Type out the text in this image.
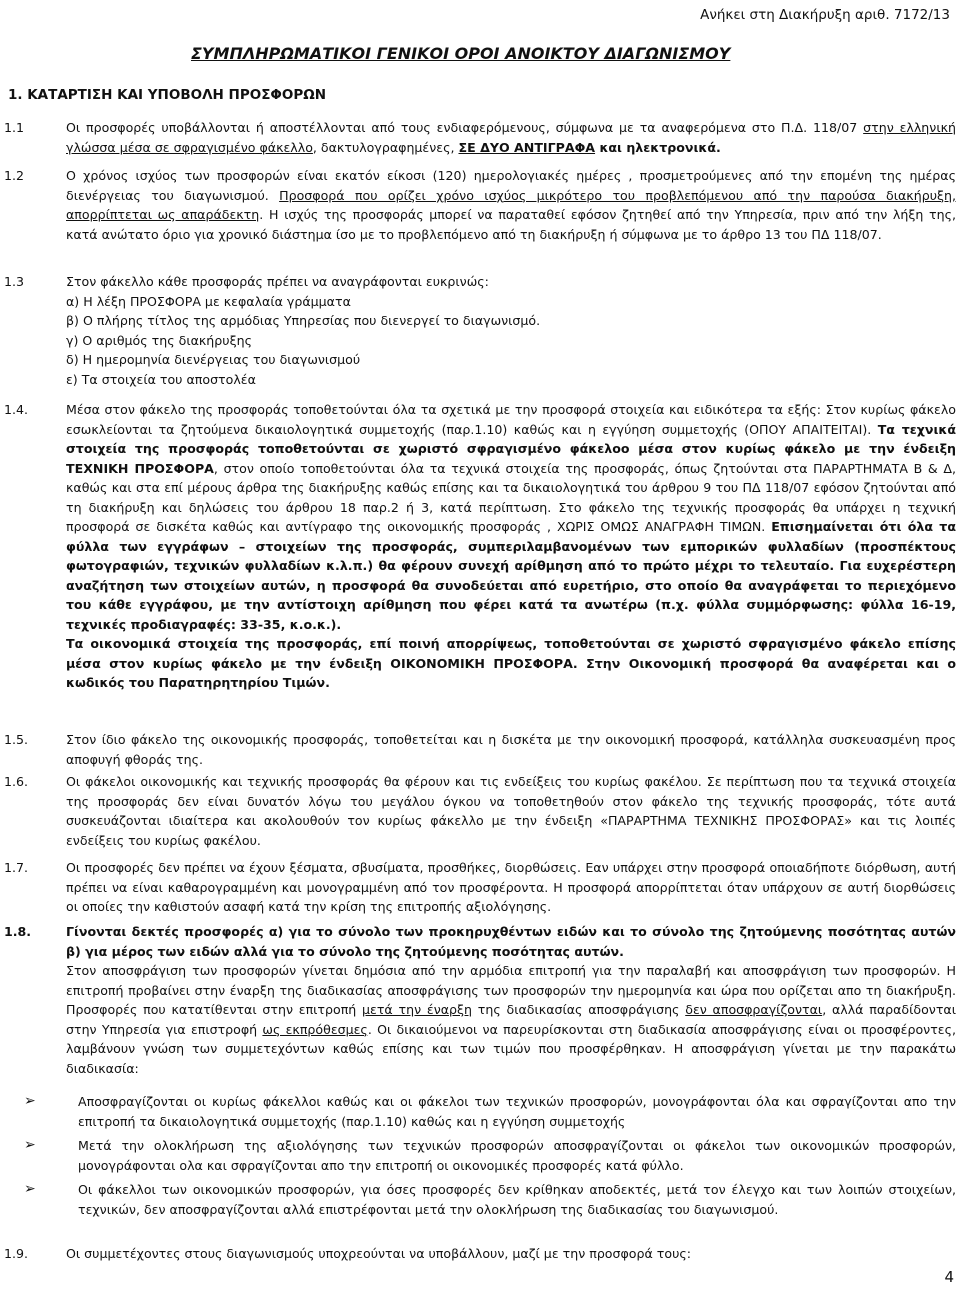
Ανήκει στη Διακήρυξη αριθ. 7172/13
ΣΥΜΠΛΗΡΩΜΑΤΙΚΟΙ ΓΕΝΙΚΟΙ ΟΡΟΙ ΑΝΟΙΚΤΟΥ ΔΙΑΓΩΝΙΣΜΟΥ
1. ΚΑΤΑΡΤΙΣΗ ΚΑΙ ΥΠΟΒΟΛΗ ΠΡΟΣΦΟΡΩΝ
1.1	Οι προσφορές υποβάλλονται ή αποστέλλονται από τους ενδιαφερόμενους, σύμφωνα με τα αναφερόμενα στο Π.Δ. 118/07 στην ελληνική γλώσσα μέσα σε σφραγισμένο φάκελλο, δακτυλογραφημένες, ΣΕ ΔΥΟ ΑΝΤΙΓΡΑΦΑ και ηλεκτρονικά.
1.2	Ο χρόνος ισχύος των προσφορών είναι εκατόν είκοσι (120) ημερολογιακές ημέρες , προσμετρούμενες από την επομένη της ημέρας διενέργειας του διαγωνισμού. Προσφορά που ορίζει χρόνο ισχύος μικρότερο του προβλεπόμενου από την παρούσα διακήρυξη, απορρίπτεται ως απαράδεκτη. Η ισχύς της προσφοράς μπορεί να παραταθεί εφόσον ζητηθεί από την Υπηρεσία, πριν από την λήξη της, κατά ανώτατο όριο για χρονικό διάστημα ίσο με το προβλεπόμενο από τη διακήρυξη ή σύμφωνα με το άρθρο 13 του ΠΔ 118/07.
1.3	Στον φάκελλο κάθε προσφοράς πρέπει να αναγράφονται ευκρινώς:
α) Η λέξη ΠΡΟΣΦΟΡΑ με κεφαλαία γράμματα
β) Ο πλήρης τίτλος της αρμόδιας Υπηρεσίας που διενεργεί το διαγωνισμό.
γ) Ο αριθμός της διακήρυξης
δ) Η ημερομηνία διενέργειας του διαγωνισμού
ε) Τα στοιχεία του αποστολέα
1.4.	Μέσα στον φάκελο της προσφοράς τοποθετούνται όλα τα σχετικά με την προσφορά στοιχεία και ειδικότερα τα εξής: Στον κυρίως φάκελο εσωκλείονται τα ζητούμενα δικαιολογητικά συμμετοχής (παρ.1.10) καθώς και η εγγύηση συμμετοχής (ΟΠΟΥ ΑΠΑΙΤΕΙΤΑΙ). Τα τεχνικά στοιχεία της προσφοράς τοποθετούνται σε χωριστό σφραγισμένο φάκελοο μέσα στον κυρίως φάκελο με την ένδειξη ΤΕΧΝΙΚΗ ΠΡΟΣΦΟΡΑ, στον οποίο τοποθετούνται όλα τα τεχνικά στοιχεία της προσφοράς, όπως ζητούνται στα ΠΑΡΑΡΤΗΜΑΤΑ Β & Δ, καθώς και στα επί μέρους άρθρα της διακήρυξης καθώς επίσης και τα δικαιολογητικά του άρθρου 9 του ΠΔ 118/07 εφόσον ζητούνται από τη διακήρυξη και δηλώσεις του άρθρου 18 παρ.2 ή 3, κατά περίπτωση. Στο φάκελο της τεχνικής προσφοράς θα υπάρχει η τεχνική προσφορά σε δισκέτα καθώς και αντίγραφο της οικονομικής προσφοράς , ΧΩΡΙΣ ΟΜΩΣ ΑΝΑΓΡΑΦΗ ΤΙΜΩΝ. Επισημαίνεται ότι όλα τα φύλλα των εγγράφων – στοιχείων της προσφοράς, συμπεριλαμβανομένων των εμπορικών φυλλαδίων (προσπέκτους φωτογραφιών, τεχνικών φυλλαδίων κ.λ.π.) θα φέρουν συνεχή αρίθμηση από το πρώτο μέχρι το τελευταίο. Για ευχερέστερη αναζήτηση των στοιχείων αυτών, η προσφορά θα συνοδεύεται από ευρετήριο, στο οποίο θα αναγράφεται το περιεχόμενο του κάθε εγγράφου, με την αντίστοιχη αρίθμηση που φέρει κατά τα ανωτέρω (π.χ. φύλλα συμμόρφωσης: φύλλα 16-19, τεχνικές προδιαγραφές: 33-35, κ.ο.κ.).
Τα οικονομικά στοιχεία της προσφοράς, επί ποινή απορρίψεως, τοποθετούνται σε χωριστό σφραγισμένο φάκελο επίσης μέσα στον κυρίως φάκελο με την ένδειξη ΟΙΚΟΝΟΜΙΚΗ ΠΡΟΣΦΟΡΑ. Στην Οικονομική προσφορά θα αναφέρεται και ο κωδικός του Παρατηρητηρίου Τιμών.
1.5.	Στον ίδιο φάκελο της οικονομικής προσφοράς, τοποθετείται και η δισκέτα με την οικονομική προσφορά, κατάλληλα συσκευασμένη προς αποφυγή φθοράς της.
1.6.	Οι φάκελοι οικονομικής και τεχνικής προσφοράς θα φέρουν και τις ενδείξεις του κυρίως φακέλου. Σε περίπτωση που τα τεχνικά στοιχεία της προσφοράς δεν είναι δυνατόν λόγω του μεγάλου όγκου να τοποθετηθούν στον φάκελο της τεχνικής προσφοράς, τότε αυτά συσκευάζονται ιδιαίτερα και ακολουθούν τον κυρίως φάκελλο με την ένδειξη «ΠΑΡΑΡΤΗΜΑ ΤΕΧΝΙΚΗΣ ΠΡΟΣΦΟΡΑΣ» και τις λοιπές ενδείξεις του κυρίως φακέλου.
1.7.	Οι προσφορές δεν πρέπει να έχουν ξέσματα, σβυσίματα, προσθήκες, διορθώσεις. Εαν υπάρχει στην προσφορά οποιαδήποτε διόρθωση, αυτή πρέπει να είναι καθαρογραμμένη και μονογραμμένη από τον προσφέροντα. Η προσφορά απορρίπτεται όταν υπάρχουν σε αυτή διορθώσεις οι οποίες την καθιστούν ασαφή κατά την κρίση της επιτροπής αξιολόγησης.
1.8.	Γίνονται δεκτές προσφορές α) για το σύνολο των προκηρυχθέντων ειδών και το σύνολο της ζητούμενης ποσότητας αυτών β) για μέρος των ειδών αλλά για το σύνολο της ζητούμενης ποσότητας αυτών.
Στον αποσφράγιση των προσφορών γίνεται δημόσια από την αρμόδια επιτροπή για την παραλαβή και αποσφράγιση των προσφορών. Η επιτροπή προβαίνει στην έναρξη της διαδικασίας αποσφράγισης των προσφορών την ημερομηνία και ώρα που ορίζεται απο τη διακήρυξη. Προσφορές που κατατίθενται στην επιτροπή μετά την έναρξη της διαδικασίας αποσφράγισης δεν αποσφραγίζονται, αλλά παραδίδονται στην Υπηρεσία για επιστροφή ως εκπρόθεσμες. Οι δικαιούμενοι να παρευρίσκονται στη διαδικασία αποσφράγισης είναι οι προσφέροντες, λαμβάνουν γνώση των συμμετεχόντων καθώς επίσης και των τιμών που προσφέρθηκαν. Η αποσφράγιση γίνεται με την παρακάτω διαδικασία:
➢	Αποσφραγίζονται οι κυρίως φάκελλοι καθώς και οι φάκελοι των τεχνικών προσφορών, μονογράφονται όλα και σφραγίζονται απο την επιτροπή τα δικαιολογητικά συμμετοχής (παρ.1.10) καθώς και η εγγύηση συμμετοχής
➢	Μετά την ολοκλήρωση της αξιολόγησης των τεχνικών προσφορών αποσφραγίζονται οι φάκελοι των οικονομικών προσφορών, μονογράφονται ολα και σφραγίζονται απο την επιτροπή οι οικονομικές προσφορές κατά φύλλο.
➢	Οι φάκελλοι των οικονομικών προσφορών, για όσες προσφορές δεν κρίθηκαν αποδεκτές, μετά τον έλεγχο και των λοιπών στοιχείων, τεχνικών, δεν αποσφραγίζονται αλλά επιστρέφονται μετά την ολοκλήρωση της διαδικασίας του διαγωνισμού.
1.9.	Οι συμμετέχοντες στους διαγωνισμούς υποχρεούνται να υποβάλλουν, μαζί με την προσφορά τους:
4
